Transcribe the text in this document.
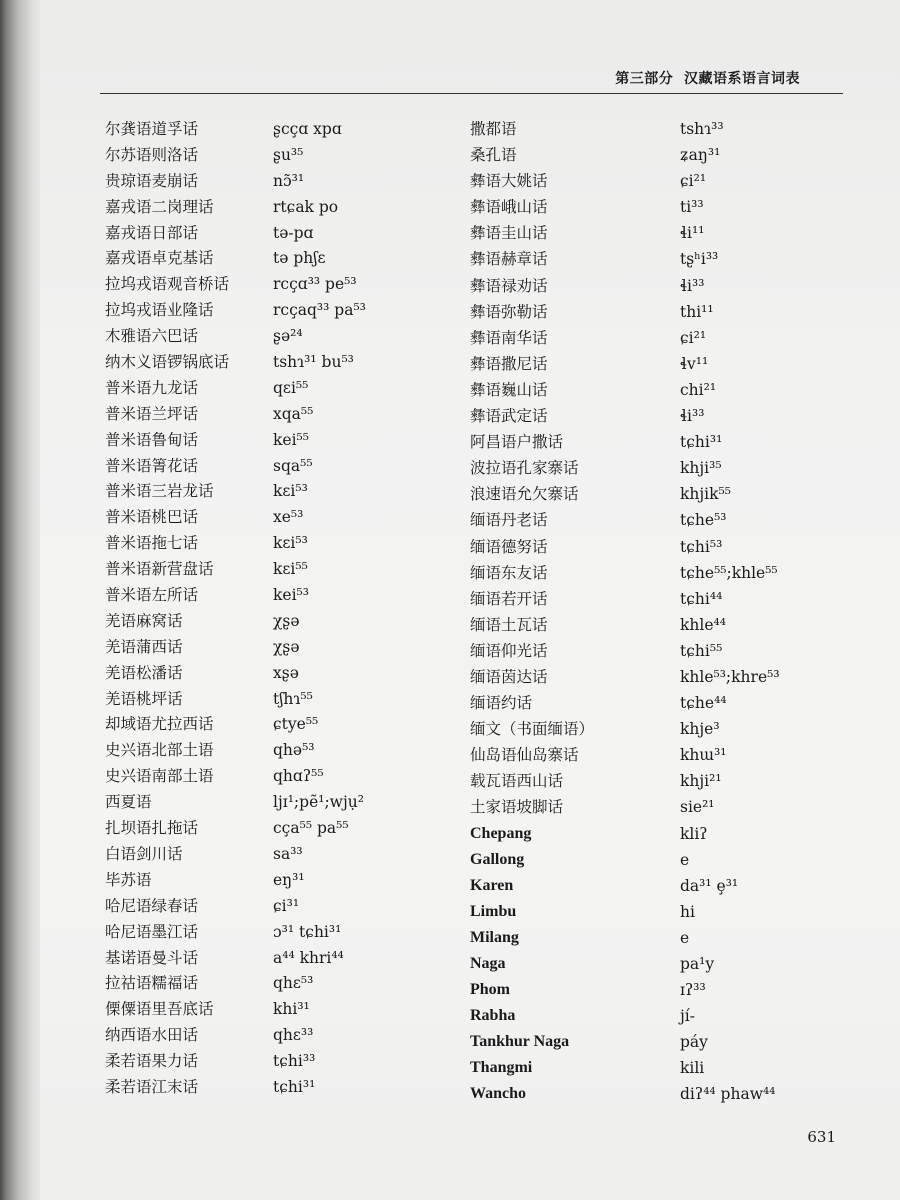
第三部分  汉藏语系语言词表
尔龚语道孚话	ʂcçɑ xpɑ
尔苏语则洛话	ʂu³⁵
贵琼语麦崩话	nɔ̃³¹
嘉戎语二岗理话	rtɕak po
嘉戎语日部话	tə-pɑ
嘉戎语卓克基话	tə phʃɛ
拉坞戎语观音桥话	rcçɑ³³ pe⁵³
拉坞戎语业隆话	rcçaq³³ pa⁵³
木雅语六巴话	ʂə²⁴
纳木义语锣锅底话	tshɿ³¹ bu⁵³
普米语九龙话	qɛi⁵⁵
普米语兰坪话	xqa⁵⁵
普米语鲁甸话	kei⁵⁵
普米语箐花话	sqa⁵⁵
普米语三岩龙话	kɛi⁵³
普米语桃巴话	xe⁵³
普米语拖七话	kɛi⁵³
普米语新营盘话	kɛi⁵⁵
普米语左所话	kei⁵³
羌语麻窝话	χʂə
羌语蒲西话	χʂə
羌语松潘话	xʂə
羌语桃坪话	tʃhɿ⁵⁵
却域语尤拉西话	ɕtye⁵⁵
史兴语北部土语	qhə⁵³
史兴语南部土语	qhɑʔ⁵⁵
西夏语	ljɪ¹;pẽ¹;wjụ²
扎坝语扎拖话	cça⁵⁵ pa⁵⁵
白语剑川话	sa³³
毕苏语	eŋ³¹
哈尼语绿春话	ɕi³¹
哈尼语墨江话	ɔ³¹ tɕhi³¹
基诺语曼斗话	a⁴⁴ khri⁴⁴
拉祜语糯福话	qhɛ⁵³
傈僳语里吾底话	khi³¹
纳西语水田话	qhɛ³³
柔若语果力话	tɕhi³³
柔若语江末话	tɕhi³¹
撒都语	tshɿ³³
桑孔语	ʑaŋ³¹
彝语大姚话	ɕi²¹
彝语峨山话	ti³³
彝语圭山话	ɬi¹¹
彝语赫章话	tʂʰi³³
彝语禄劝话	ɬi³³
彝语弥勒话	thi¹¹
彝语南华话	ɕi²¹
彝语撒尼话	ɬv¹¹
彝语巍山话	chi²¹
彝语武定话	ɬi³³
阿昌语户撒话	tɕhi³¹
波拉语孔家寨话	khji³⁵
浪速语允欠寨话	khjik⁵⁵
缅语丹老话	tɕhe⁵³
缅语德努话	tɕhi⁵³
缅语东友话	tɕhe⁵⁵;khle⁵⁵
缅语若开话	tɕhi⁴⁴
缅语土瓦话	khle⁴⁴
缅语仰光话	tɕhi⁵⁵
缅语茵达话	khle⁵³;khre⁵³
缅语约话	tɕhe⁴⁴
缅文（书面缅语）	khje³
仙岛语仙岛寨话	khɯ³¹
载瓦语西山话	khji²¹
土家语坡脚话	sie²¹
Chepang	kliʔ
Gallong	e
Karen	da³¹ ȩ³¹
Limbu	hi
Milang	e
Naga	pa¹y
Phom	ɪʔ³³
Rabha	jí-
Tankhur Naga	páy
Thangmi	kili
Wancho	diʔ⁴⁴ phaw⁴⁴
631
